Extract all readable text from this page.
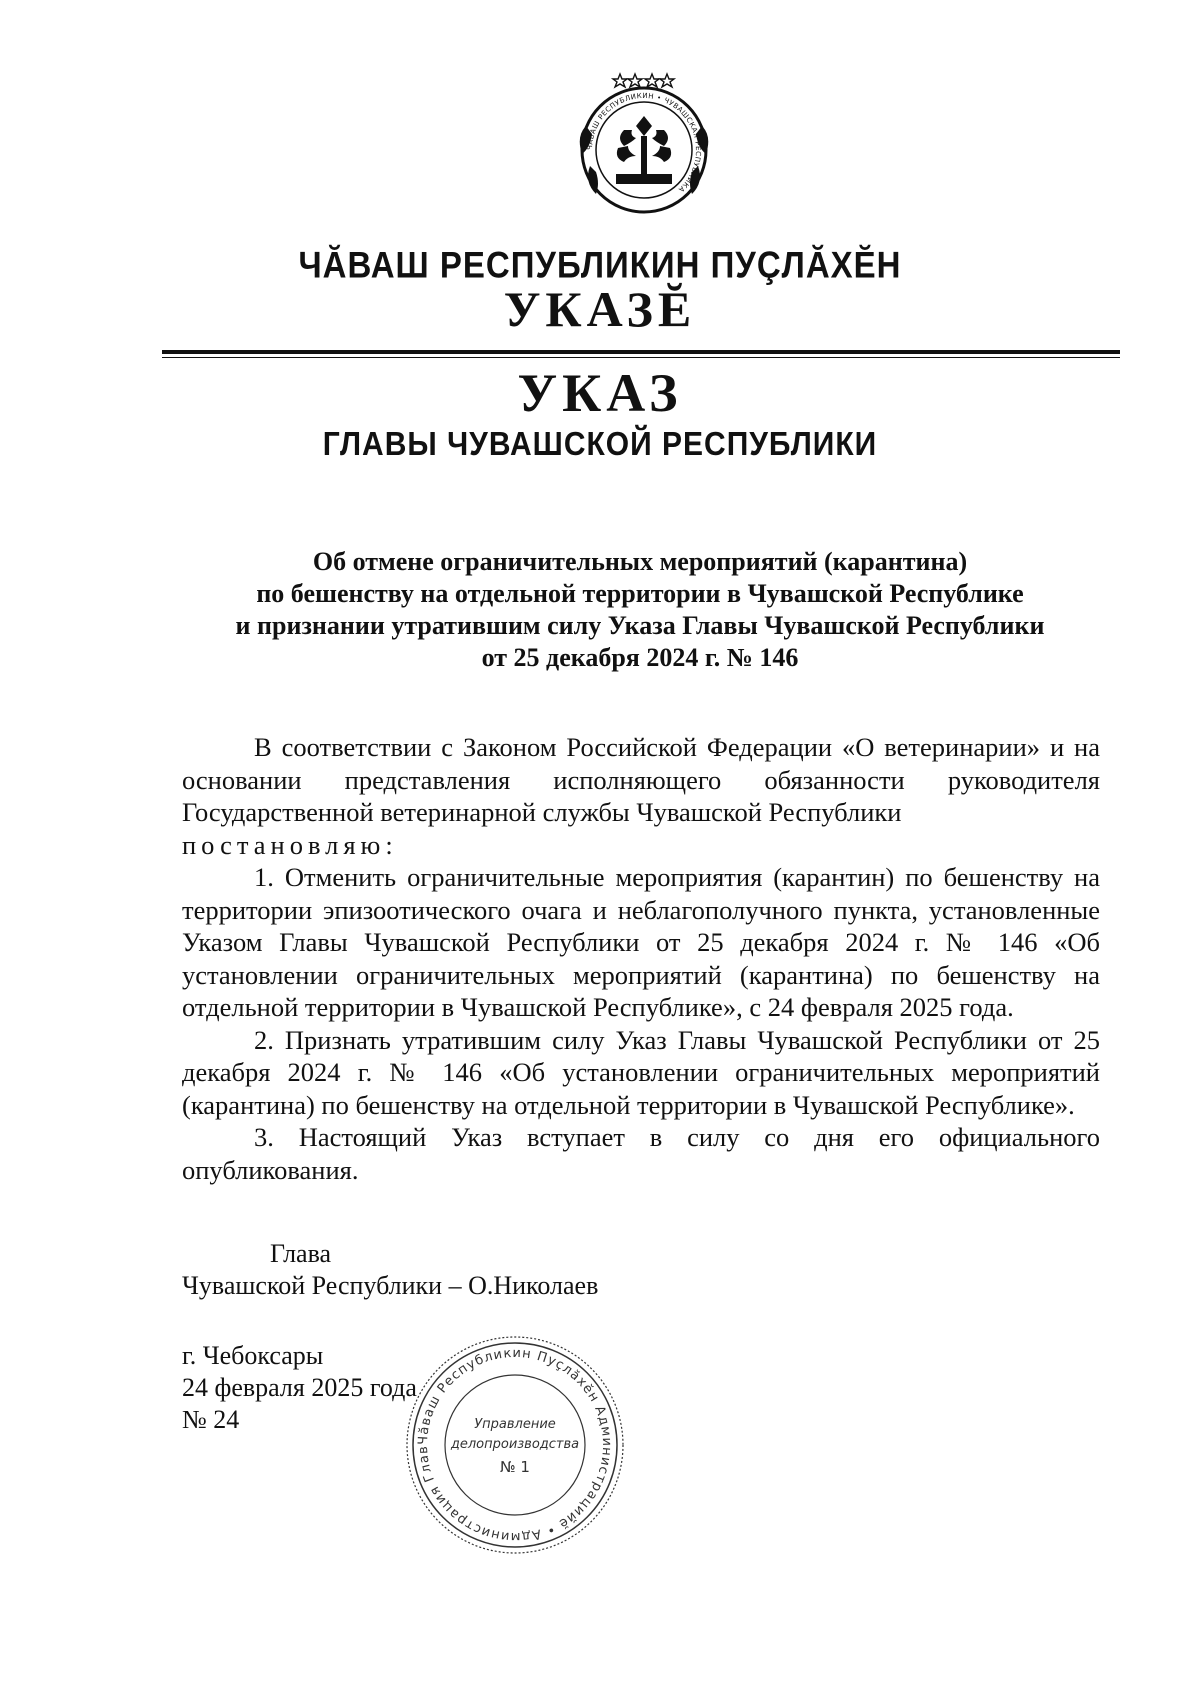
ЧĂВАШ РЕСПУБЛИКИН • ЧУВАШСКАЯ РЕСПУБЛИКА
ЧĂВАШ РЕСПУБЛИКИН ПУÇЛĂХĔН
УКАЗĔ
УКАЗ
ГЛАВЫ ЧУВАШСКОЙ РЕСПУБЛИКИ
Об отмене ограничительных мероприятий (карантина)
по бешенству на отдельной территории в Чувашской Республике
и признании утратившим силу Указа Главы Чувашской Республики
от 25 декабря 2024 г. № 146

В соответствии с Законом Российской Федерации «О ветеринарии» и на основании представления исполняющего обязанности руководителя Государственной ветеринарной службы Чувашской Республики

постановляю:

1. Отменить ограничительные мероприятия (карантин) по бешенству на территории эпизоотического очага и неблагополучного пункта, установленные Указом Главы Чувашской Республики от 25 декабря 2024 г. № 146 «Об установлении ограничительных мероприятий (карантина) по бешенству на отдельной территории в Чувашской Республике», с 24 февраля 2025 года.

2. Признать утратившим силу Указ Главы Чувашской Республики от 25 декабря 2024 г. № 146 «Об установлении ограничительных мероприятий (карантина) по бешенству на отдельной территории в Чувашской Республике».

3. Настоящий Указ вступает в силу со дня его официального опубликования.

Глава
Чувашской Республики – О.Николаев
г. Чебоксары
24 февраля 2025 года
№ 24
Чăваш Республикин Пуçлăхĕн Администрацийĕ • Администрация Глав
Управление
делопроизводства
№ 1
